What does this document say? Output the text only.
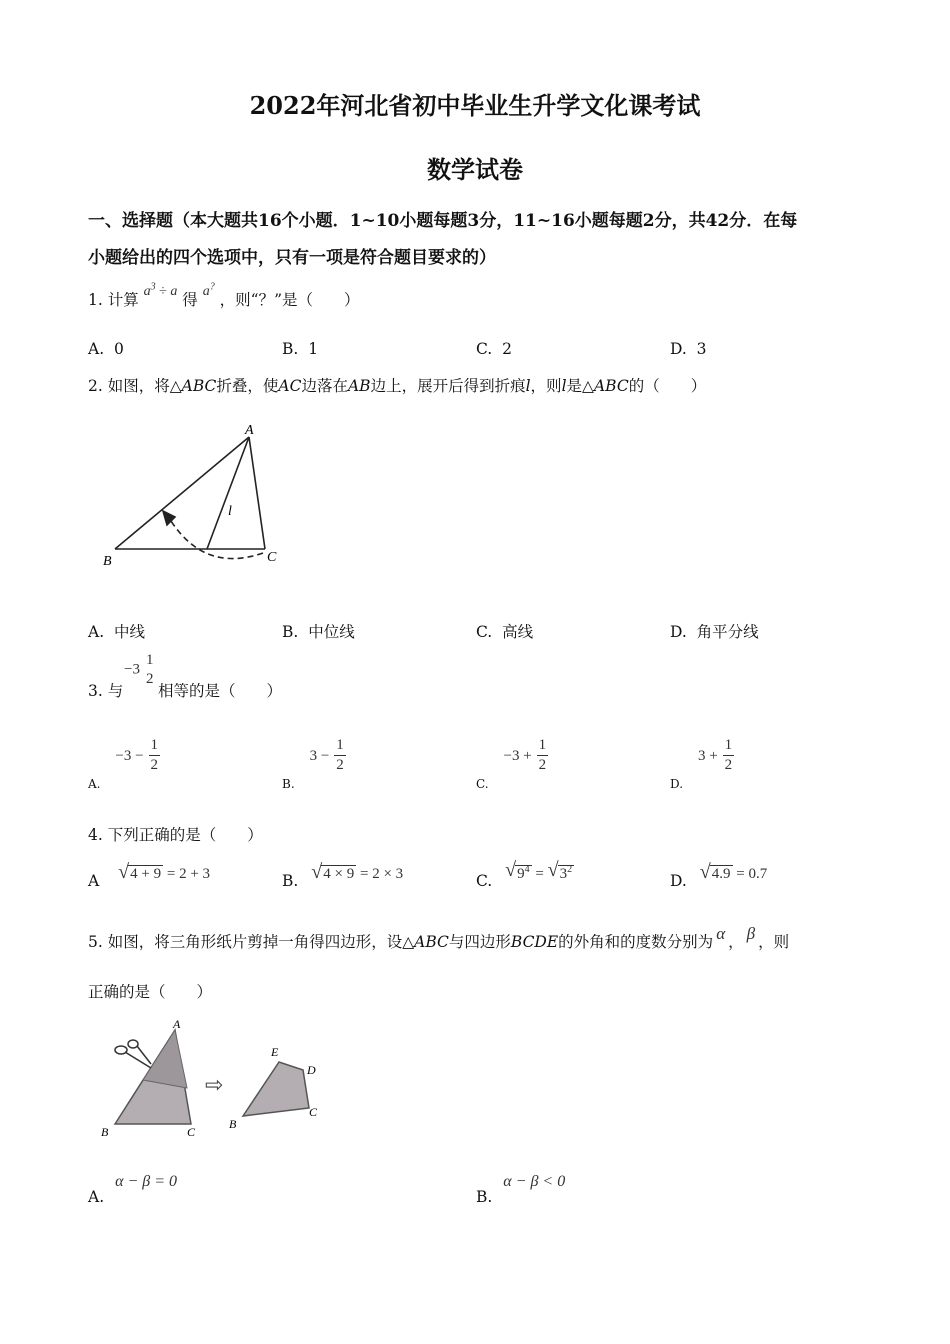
2022年河北省初中毕业生升学文化课考试
数学试卷
一、选择题（本大题共16个小题．1~10小题每题3分，11~16小题每题2分，共42分．在每
小题给出的四个选项中，只有一项是符合题目要求的）
1. 计算 $a^3 \div a$ 得 a? ，则“？”是（　　）
A. 0	B. 1	C. 2	D. 3
2. 如图，将△ABC折叠，使AC边落在AB边上，展开后得到折痕l，则l是△ABC的（　　）
A
B	C
l
A. 中线	B. 中位线	C. 高线	D. 角平分线
3. 与
−3
1
2
相等的是（　　）
$_{A.} -3 - \frac{1}{2}$
$_{B.}$ $3 - \frac{1}{2}$
$_{C.} -3 + \frac{1}{2}$
$_{D.}$ $3 + \frac{1}{2}$
4. 下列正确的是（　　）
A √ 4 + 9 = 2 + 3	B. √ 4 × 9 = 2 × 3	C. √ $9^4$ = √ $3^2$
D. √ 4.9 = 0.7
5. 如图，将三角形纸片剪掉一角得四边形，设△ABC与四边形BCDE的外角和的度数分别为 α ， β ，则
正确的是（　　）
A
B	C
⇨
E
D
B
C
A. α − β = 0
B. α − β < 0
